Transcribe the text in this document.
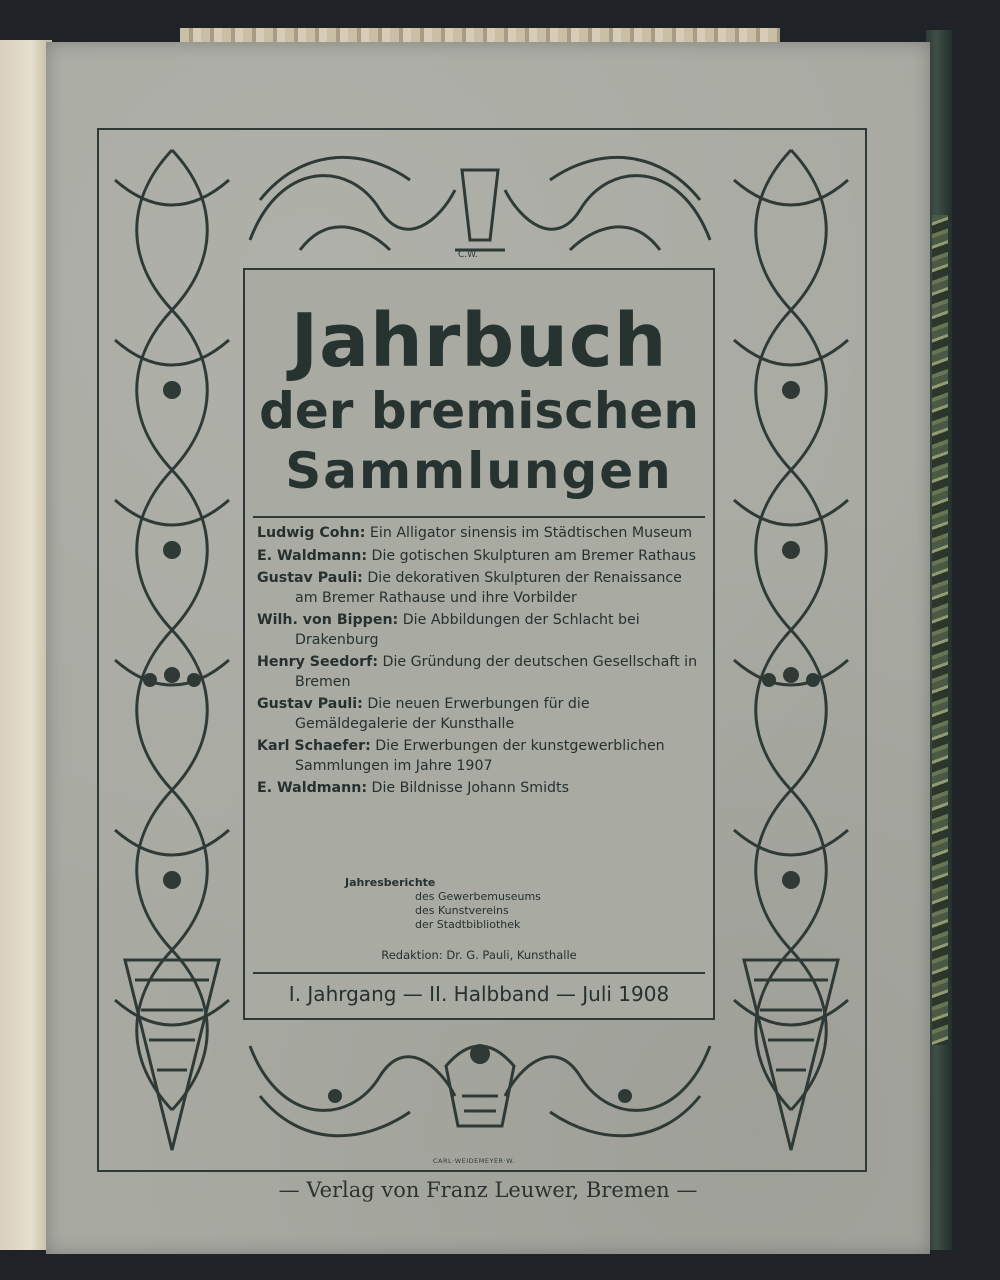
C.W.
CARL·WEIDEMEYER·W.
Jahrbuch
der bremischen
Sammlungen
Ludwig Cohn: Ein Alligator sinensis im Städtischen Museum
E. Waldmann: Die gotischen Skulpturen am Bremer Rathaus
Gustav Pauli: Die dekorativen Skulpturen der Renaissance am Bremer Rathause und ihre Vorbilder
Wilh. von Bippen: Die Abbildungen der Schlacht bei Drakenburg
Henry Seedorf: Die Gründung der deutschen Gesellschaft in Bremen
Gustav Pauli: Die neuen Erwerbungen für die Gemäldegalerie der Kunsthalle
Karl Schaefer: Die Erwerbungen der kunstgewerblichen Sammlungen im Jahre 1907
E. Waldmann: Die Bildnisse Johann Smidts
Jahresberichte
des Gewerbemuseums
des Kunstvereins
der Stadtbibliothek
Redaktion: Dr. G. Pauli, Kunsthalle
I. Jahrgang — II. Halbband — Juli 1908
— Verlag von Franz Leuwer, Bremen —
